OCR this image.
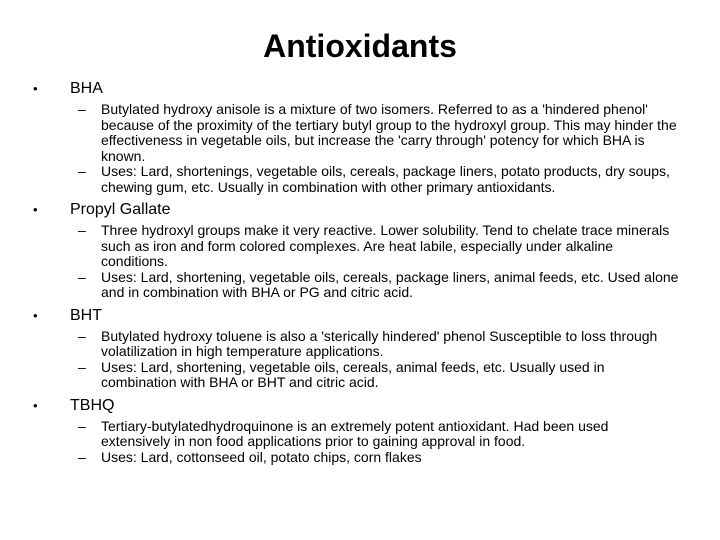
Antioxidants
• BHA
– Butylated hydroxy anisole is a mixture of two isomers. Referred to as a 'hindered phenol' because of the proximity of the tertiary butyl group to the hydroxyl group. This may hinder the effectiveness in vegetable oils, but increase the 'carry through' potency for which BHA is known.
– Uses: Lard, shortenings, vegetable oils, cereals, package liners, potato products, dry soups, chewing gum, etc. Usually in combination with other primary antioxidants.
• Propyl Gallate
– Three hydroxyl groups make it very reactive. Lower solubility. Tend to chelate trace minerals such as iron and form colored complexes. Are heat labile, especially under alkaline conditions.
– Uses: Lard, shortening, vegetable oils, cereals, package liners, animal feeds, etc. Used alone and in combination with BHA or PG and citric acid.
• BHT
– Butylated hydroxy toluene is also a 'sterically hindered' phenol Susceptible to loss through volatilization in high temperature applications.
– Uses: Lard, shortening, vegetable oils, cereals, animal feeds, etc. Usually used in combination with BHA or BHT and citric acid.
• TBHQ
– Tertiary-butylatedhydroquinone is an extremely potent antioxidant. Had been used extensively in non food applications prior to gaining approval in food.
– Uses: Lard, cottonseed oil, potato chips, corn flakes
